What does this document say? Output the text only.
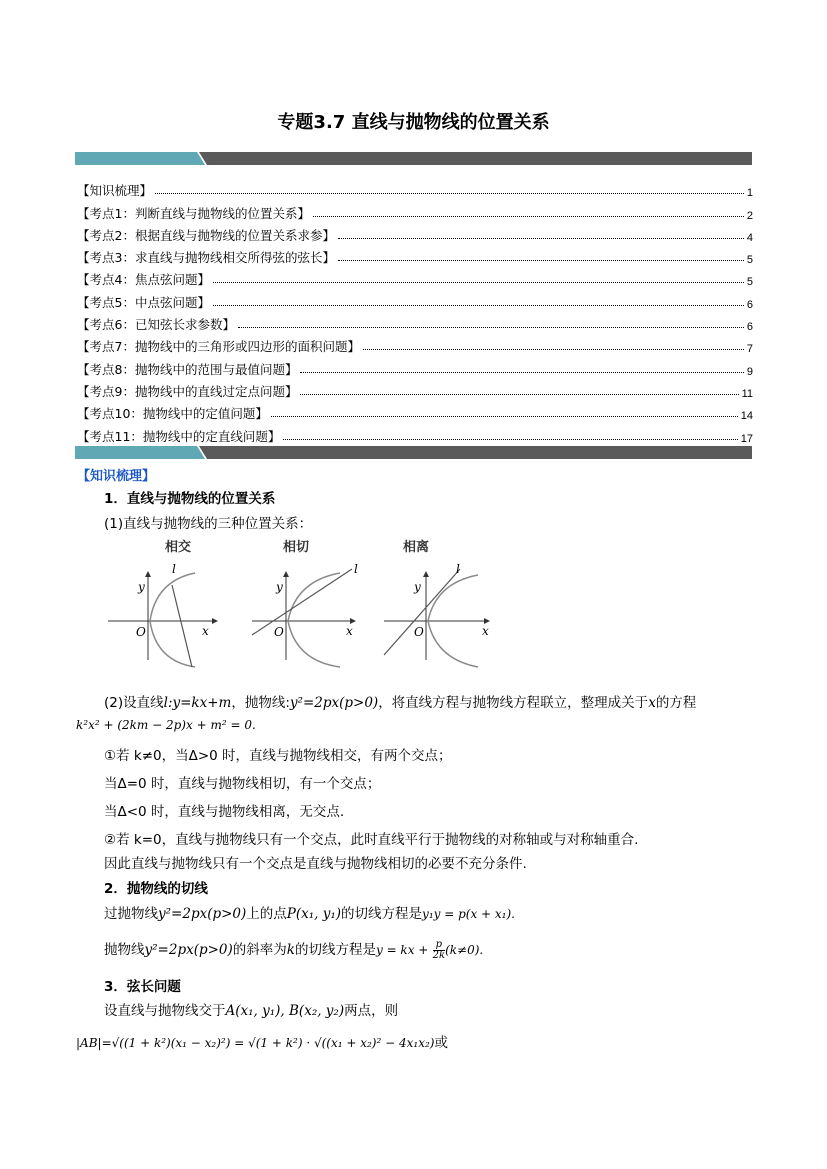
专题3.7 直线与抛物线的位置关系
【知识梳理】	1
【考点1：判断直线与抛物线的位置关系】	2
【考点2：根据直线与抛物线的位置关系求参】	4
【考点3：求直线与抛物线相交所得弦的弦长】	5
【考点4：焦点弦问题】	5
【考点5：中点弦问题】	6
【考点6：已知弦长求参数】	6
【考点7：抛物线中的三角形或四边形的面积问题】	7
【考点8：抛物线中的范围与最值问题】	9
【考点9：抛物线中的直线过定点问题】	11
【考点10：抛物线中的定值问题】	14
【考点11：抛物线中的定直线问题】	17
【知识梳理】
1．直线与抛物线的位置关系
(1)直线与抛物线的三种位置关系：
相交	相切	相离
y
x
O
l
y
x
O
l
y
x
O
l
(2)设直线l:y=kx+m，抛物线:y²=2px(p>0)，将直线方程与抛物线方程联立，整理成关于x的方程
k²x² + (2km − 2p)x + m² = 0.
①若 k≠0，当Δ>0 时，直线与抛物线相交，有两个交点；
当Δ=0 时，直线与抛物线相切，有一个交点；
当Δ<0 时，直线与抛物线相离，无交点.
②若 k=0，直线与抛物线只有一个交点，此时直线平行于抛物线的对称轴或与对称轴重合.
因此直线与抛物线只有一个交点是直线与抛物线相切的必要不充分条件.
2．抛物线的切线
过抛物线y²=2px(p>0)上的点P(x₁, y₁)的切线方程是y₁y = p(x + x₁).
抛物线y²=2px(p>0)的斜率为k的切线方程是y = kx + $\frac{p}{2k} (k\ne 0)$.
3．弦长问题
设直线与抛物线交于A(x₁, y₁), B(x₂, y₂)两点，则
|AB|=√((1 + k²)(x₁ − x₂)²) = √(1 + k²) · √((x₁ + x₂)² − 4x₁x₂)或
